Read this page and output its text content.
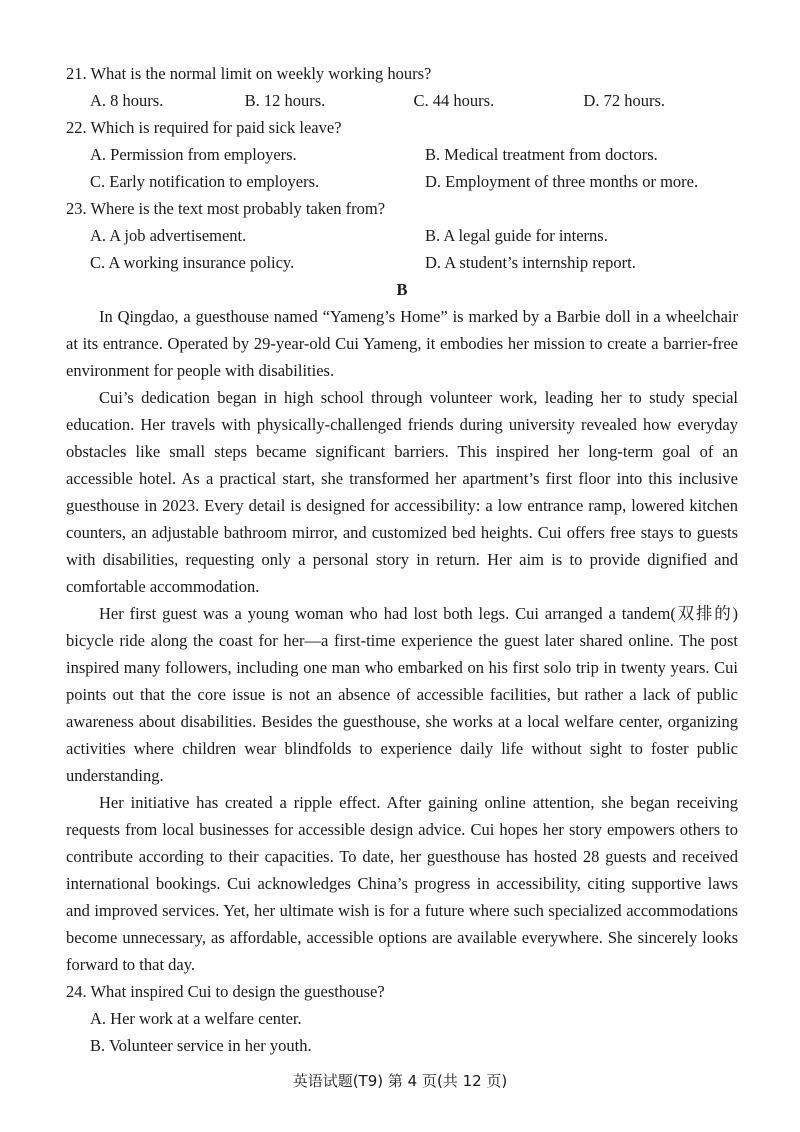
21. What is the normal limit on weekly working hours?

A. 8 hours.	B. 12 hours.	C. 44 hours.	D. 72 hours.

22. Which is required for paid sick leave?

A. Permission from employers.	B. Medical treatment from doctors.
C. Early notification to employers.	D. Employment of three months or more.

23. Where is the text most probably taken from?

A. A job advertisement.	B. A legal guide for interns.
C. A working insurance policy.	D. A student’s internship report.

B

In Qingdao, a guesthouse named “Yameng’s Home” is marked by a Barbie doll in a wheelchair at its entrance. Operated by 29-year-old Cui Yameng, it embodies her mission to create a barrier-free environment for people with disabilities.

Cui’s dedication began in high school through volunteer work, leading her to study special education. Her travels with physically-challenged friends during university revealed how everyday obstacles like small steps became significant barriers. This inspired her long-term goal of an accessible hotel. As a practical start, she transformed her apartment’s first floor into this inclusive guesthouse in 2023. Every detail is designed for accessibility: a low entrance ramp, lowered kitchen counters, an adjustable bathroom mirror, and customized bed heights. Cui offers free stays to guests with disabilities, requesting only a personal story in return. Her aim is to provide dignified and comfortable accommodation.

Her first guest was a young woman who had lost both legs. Cui arranged a tandem(双排的) bicycle ride along the coast for her—a first-time experience the guest later shared online. The post inspired many followers, including one man who embarked on his first solo trip in twenty years. Cui points out that the core issue is not an absence of accessible facilities, but rather a lack of public awareness about disabilities. Besides the guesthouse, she works at a local welfare center, organizing activities where children wear blindfolds to experience daily life without sight to foster public understanding.

Her initiative has created a ripple effect. After gaining online attention, she began receiving requests from local businesses for accessible design advice. Cui hopes her story empowers others to contribute according to their capacities. To date, her guesthouse has hosted 28 guests and received international bookings. Cui acknowledges China’s progress in accessibility, citing supportive laws and improved services. Yet, her ultimate wish is for a future where such specialized accommodations become unnecessary, as affordable, accessible options are available everywhere. She sincerely looks forward to that day.

24. What inspired Cui to design the guesthouse?

A. Her work at a welfare center.

B. Volunteer service in her youth.

英语试题(T9) 第 4 页(共 12 页)
